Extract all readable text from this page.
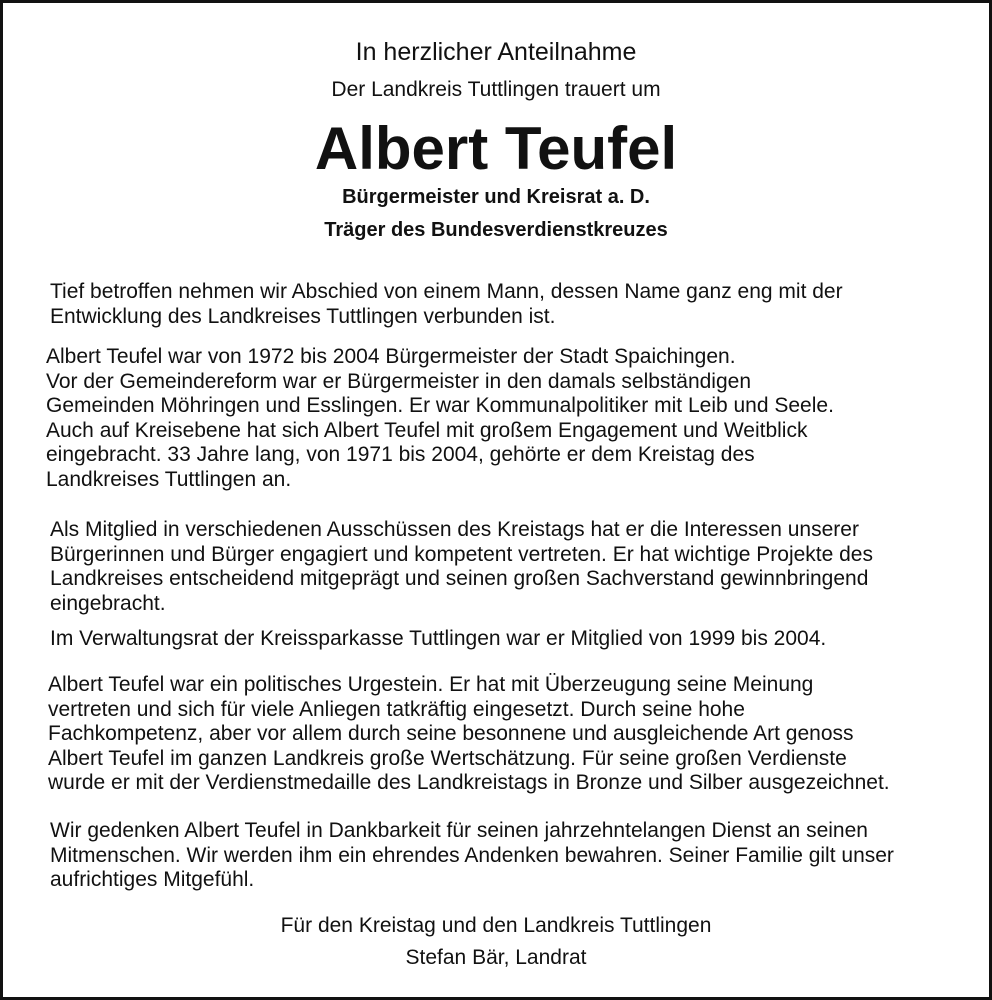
In herzlicher Anteilnahme
Der Landkreis Tuttlingen trauert um
Albert Teufel
Bürgermeister und Kreisrat a. D.
Träger des Bundesverdienstkreuzes
Tief betroffen nehmen wir Abschied von einem Mann, dessen Name ganz eng mit der
Entwicklung des Landkreises Tuttlingen verbunden ist.
Albert Teufel war von 1972 bis 2004 Bürgermeister der Stadt Spaichingen.
Vor der Gemeindereform war er Bürgermeister in den damals selbständigen
Gemeinden Möhringen und Esslingen. Er war Kommunalpolitiker mit Leib und Seele.
Auch auf Kreisebene hat sich Albert Teufel mit großem Engagement und Weitblick
eingebracht. 33 Jahre lang, von 1971 bis 2004, gehörte er dem Kreistag des
Landkreises Tuttlingen an.
Als Mitglied in verschiedenen Ausschüssen des Kreistags hat er die Interessen unserer
Bürgerinnen und Bürger engagiert und kompetent vertreten. Er hat wichtige Projekte des
Landkreises entscheidend mitgeprägt und seinen großen Sachverstand gewinnbringend
eingebracht.
Im Verwaltungsrat der Kreissparkasse Tuttlingen war er Mitglied von 1999 bis 2004.
Albert Teufel war ein politisches Urgestein. Er hat mit Überzeugung seine Meinung
vertreten und sich für viele Anliegen tatkräftig eingesetzt. Durch seine hohe
Fachkompetenz, aber vor allem durch seine besonnene und ausgleichende Art genoss
Albert Teufel im ganzen Landkreis große Wertschätzung. Für seine großen Verdienste
wurde er mit der Verdienstmedaille des Landkreistags in Bronze und Silber ausgezeichnet.
Wir gedenken Albert Teufel in Dankbarkeit für seinen jahrzehntelangen Dienst an seinen
Mitmenschen. Wir werden ihm ein ehrendes Andenken bewahren. Seiner Familie gilt unser
aufrichtiges Mitgefühl.
Für den Kreistag und den Landkreis Tuttlingen
Stefan Bär, Landrat
